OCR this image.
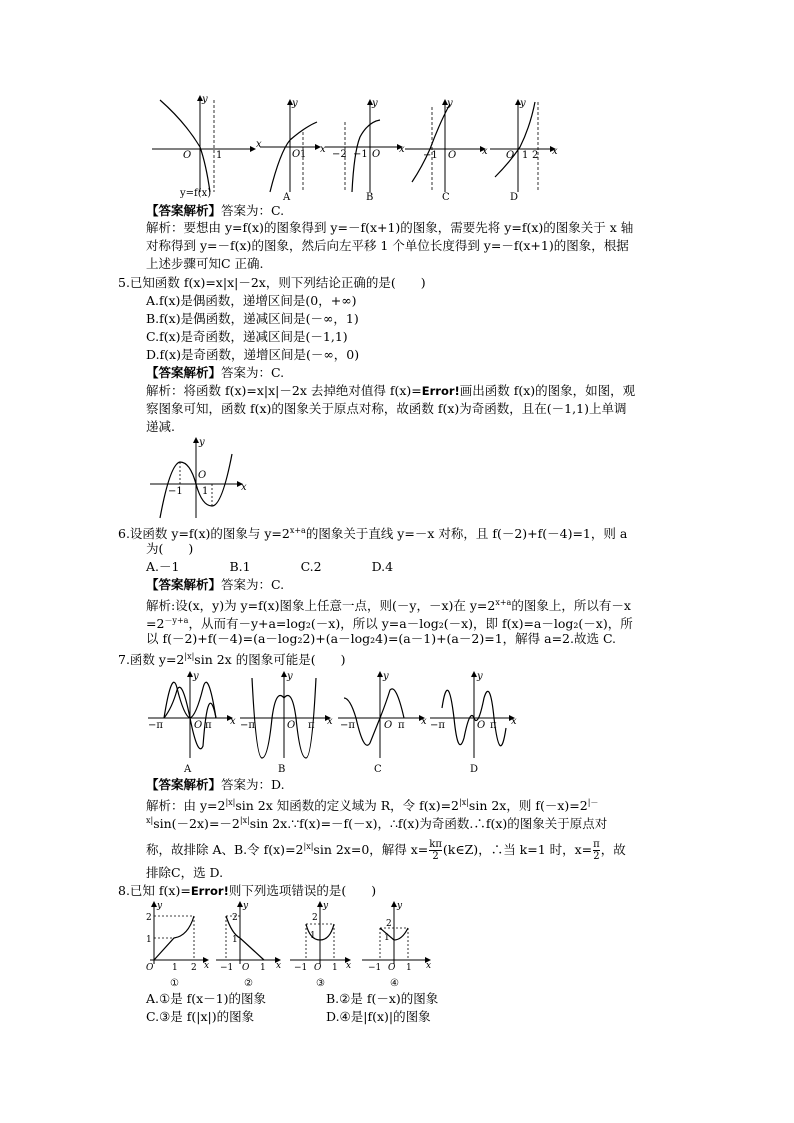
y
x
O 1
y=f(x)
y
x
O 1
A
y
x
−2 −1 O
B
y
x
−1 O
C
y
x
O 1 2
D
【答案解析】答案为：C.
解析：要想由 y=f(x)的图象得到 y=－f(x+1)的图象，需要先将 y=f(x)的图象关于 x 轴
对称得到 y=－f(x)的图象，然后向左平移 1 个单位长度得到 y=－f(x+1)的图象，根据
上述步骤可知C 正确.
5.已知函数 f(x)=x|x|－2x，则下列结论正确的是(　　)
A.f(x)是偶函数，递增区间是(0，+∞)
B.f(x)是偶函数，递减区间是(－∞，1)
C.f(x)是奇函数，递减区间是(－1,1)
D.f(x)是奇函数，递增区间是(－∞，0)
【答案解析】答案为：C.
解析：将函数 f(x)=x|x|－2x 去掉绝对值得 f(x)=Error!画出函数 f(x)的图象，如图，观
察图象可知，函数 f(x)的图象关于原点对称，故函数 f(x)为奇函数，且在(－1,1)上单调
递减.
y
x
O
−1 1
6.设函数 y=f(x)的图象与 $y=2^{x+a}$的图象关于直线 y=－x 对称，且 f(－2)+f(－4)=1，则 a
为(　　)
A.－1　　　　B.1　　　　C.2　　　　D.4
【答案解析】答案为：C.
解析:设(x，y)为 y=f(x)图象上任意一点，则(－y，－x)在 $y=2^{x+a}$的图象上，所以有－x
$=2^{-y+a}$，从而有－y+a=log₂(－x)，所以 y=a－log₂(－x)，即 f(x)=a－log₂(－x)，所
以 f(－2)+f(－4)=(a－log₂2)+(a－log₂4)=(a－1)+(a－2)=1，解得 a=2.故选 C.
7.函数 $y=2^{|x|}\sin$ 2x 的图象可能是(　　)
y
x
−π	O π
A
y
x
−π	O π
B
y
x
−π	O π
C
y
x
−π	O π
D
【答案解析】答案为：D.
解析：由 $y=2^{|x|}\sin$ 2x 知函数的定义域为 R，令 $f(x)=2^{|x|}\sin$ 2x，则 f(－x)=2|－
$^{x|}\sin(-2x)=-2^{|x|}\sin$ 2x.∵f(x)=－f(－x)，∴f(x)为奇函数.∴f(x)的图象关于原点对
称，故排除 A、B.令 $f(x)=2^{|x|}\sin$ 2x=0，解得 $x= \frac{k\pi}{2}$ (k∈Z)，∴当 k=1 时，$x= \frac{\pi}{2}$ ，故
排除C，选 D.
8.已知 f(x)=Error!则下列选项错误的是(　　)
y
x
2
1
O 1 2
①
y
x
2
1
−1 O 1
②
y
x
2
1
−1 O 1
③
y
x
2
1
−1 O 1
④
A.①是 f(x－1)的图象	B.②是 f(－x)的图象
C.③是 f(|x|)的图象	D.④是|f(x)|的图象
